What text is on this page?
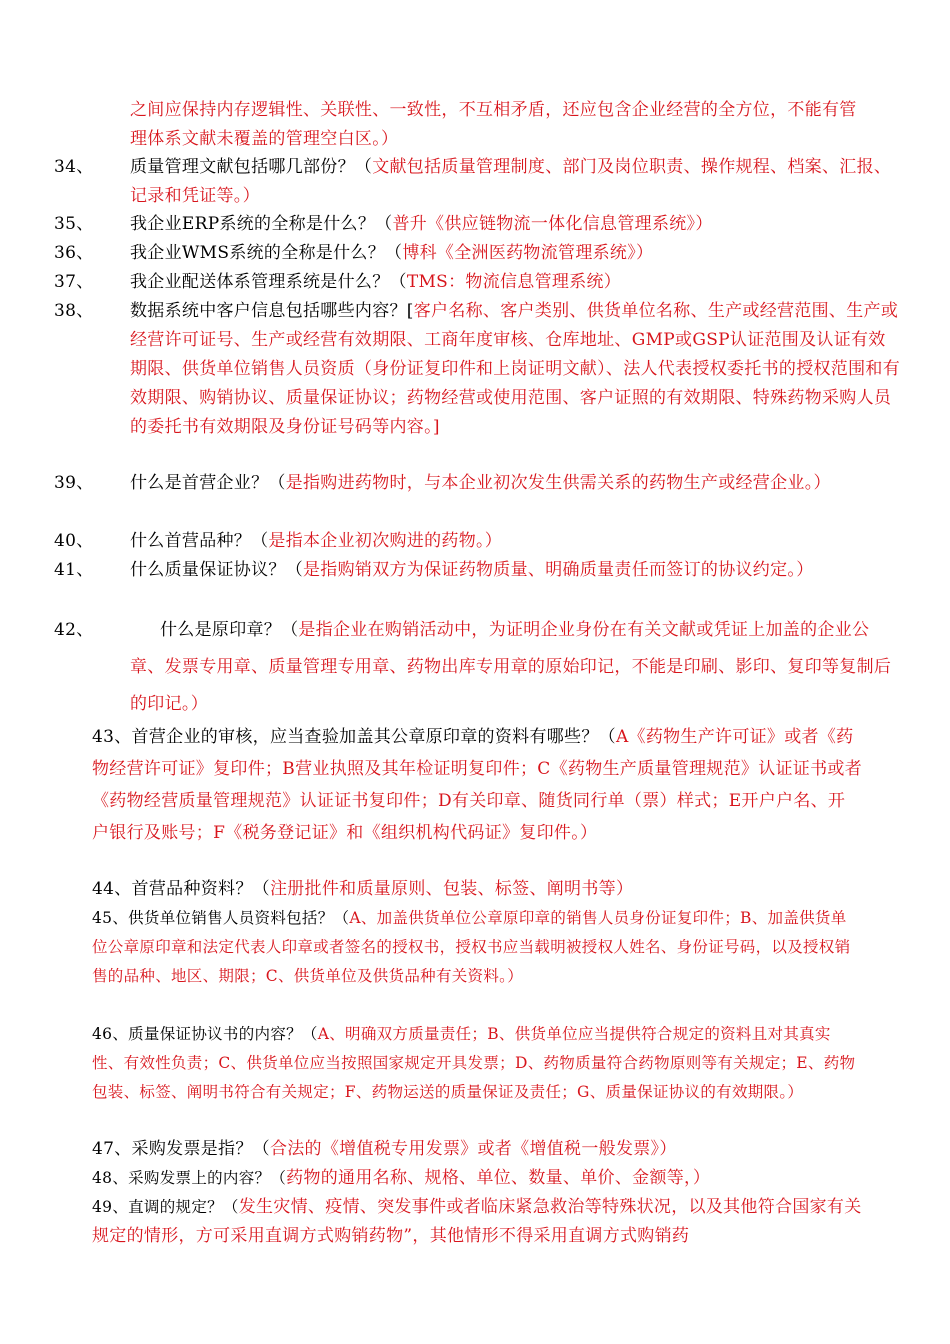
之间应保持内存逻辑性、关联性、一致性，不互相矛盾，还应包含企业经营的全方位，不能有管理体系文献未覆盖的管理空白区。）
34、 质量管理文献包括哪几部份？（文献包括质量管理制度、部门及岗位职责、操作规程、档案、汇报、记录和凭证等。）
35、 我企业ERP系统的全称是什么？（普升《供应链物流一体化信息管理系统》）
36、 我企业WMS系统的全称是什么？（博科《全洲医药物流管理系统》）
37、 我企业配送体系管理系统是什么？（TMS：物流信息管理系统）
38、 数据系统中客户信息包括哪些内容？[客户名称、客户类别、供货单位名称、生产或经营范围、生产或经营许可证号、生产或经营有效期限、工商年度审核、仓库地址、GMP或GSP认证范围及认证有效期限、供货单位销售人员资质（身份证复印件和上岗证明文献）、法人代表授权委托书的授权范围和有效期限、购销协议、质量保证协议；药物经营或使用范围、客户证照的有效期限、特殊药物采购人员的委托书有效期限及身份证号码等内容。]
39、 什么是首营企业？（是指购进药物时，与本企业初次发生供需关系的药物生产或经营企业。）
40、 什么首营品种？（是指本企业初次购进的药物。）
41、 什么质量保证协议？（是指购销双方为保证药物质量、明确质量责任而签订的协议约定。）
42、	什么是原印章？（是指企业在购销活动中，为证明企业身份在有关文献或凭证上加盖的企业公章、发票专用章、质量管理专用章、药物出库专用章的原始印记，不能是印刷、影印、复印等复制后的印记。）
43、首营企业的审核，应当查验加盖其公章原印章的资料有哪些？（A《药物生产许可证》或者《药物经营许可证》复印件；B营业执照及其年检证明复印件；C《药物生产质量管理规范》认证证书或者《药物经营质量管理规范》认证证书复印件；D有关印章、随货同行单（票）样式；E开户户名、开户银行及账号；F《税务登记证》和《组织机构代码证》复印件。）
44、首营品种资料？（注册批件和质量原则、包装、标签、阐明书等）
45、供货单位销售人员资料包括？（A、加盖供货单位公章原印章的销售人员身份证复印件；B、加盖供货单位公章原印章和法定代表人印章或者签名的授权书，授权书应当载明被授权人姓名、身份证号码，以及授权销售的品种、地区、期限；C、供货单位及供货品种有关资料。）
46、质量保证协议书的内容？（A、明确双方质量责任；B、供货单位应当提供符合规定的资料且对其真实性、有效性负责；C、供货单位应当按照国家规定开具发票；D、药物质量符合药物原则等有关规定；E、药物包装、标签、阐明书符合有关规定；F、药物运送的质量保证及责任；G、质量保证协议的有效期限。）
47、采购发票是指？（合法的《增值税专用发票》或者《增值税一般发票》）
48、采购发票上的内容？（药物的通用名称、规格、单位、数量、单价、金额等，）
49、直调的规定？（发生灾情、疫情、突发事件或者临床紧急救治等特殊状况，以及其他符合国家有关规定的情形，方可采用直调方式购销药物”，其他情形不得采用直调方式购销药
